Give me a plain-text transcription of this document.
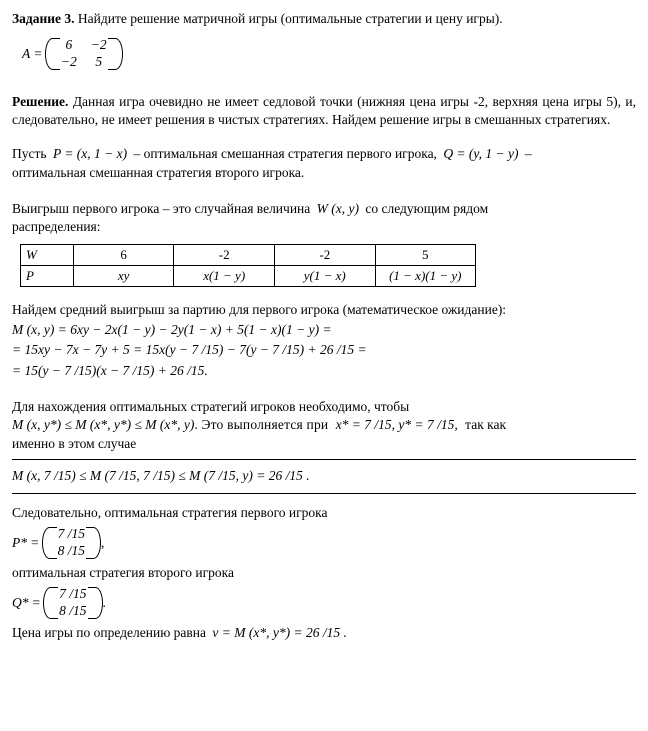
Задание 3. Найдите решение матричной игры (оптимальные стратегии и цену игры).
A =
6	−2
−2	5
Решение. Данная игра очевидно не имеет седловой точки (нижняя цена игры -2, верхняя цена игры 5), и, следовательно, не имеет решения в чистых стратегиях. Найдем решение игры в смешанных стратегиях.
Пусть P = (x, 1 − x) – оптимальная смешанная стратегия первого игрока, Q = (y, 1 − y) –
оптимальная смешанная стратегия второго игрока.
Выигрыш первого игрока – это случайная величина W (x, y) со следующим рядом
распределения:
W	6	-2	-2	5
P	xy	x(1 − y)	y(1 − x)	(1 − x)(1 − y)
Найдем средний выигрыш за партию для первого игрока (математическое ожидание):
M (x, y) = 6xy − 2x(1 − y) − 2y(1 − x) + 5(1 − x)(1 − y) =
= 15xy − 7x − 7y + 5 = 15x(y − 7 /15) − 7(y − 7 /15) + 26 /15 =
= 15(y − 7 /15)(x − 7 /15) + 26 /15.
Для нахождения оптимальных стратегий игроков необходимо, чтобы
M (x, y*) ≤ M (x*, y*) ≤ M (x*, y). Это выполняется при x* = 7 /15, y* = 7 /15, так как
именно в этом случае
M (x, 7 /15) ≤ M (7 /15, 7 /15) ≤ M (7 /15, y) = 26 /15 .
Следовательно, оптимальная стратегия первого игрока
P* =
7 /15
8 /15
,
оптимальная стратегия второго игрока
Q* =
7 /15
8 /15
.
Цена игры по определению равна v = M (x*, y*) = 26 /15 .
